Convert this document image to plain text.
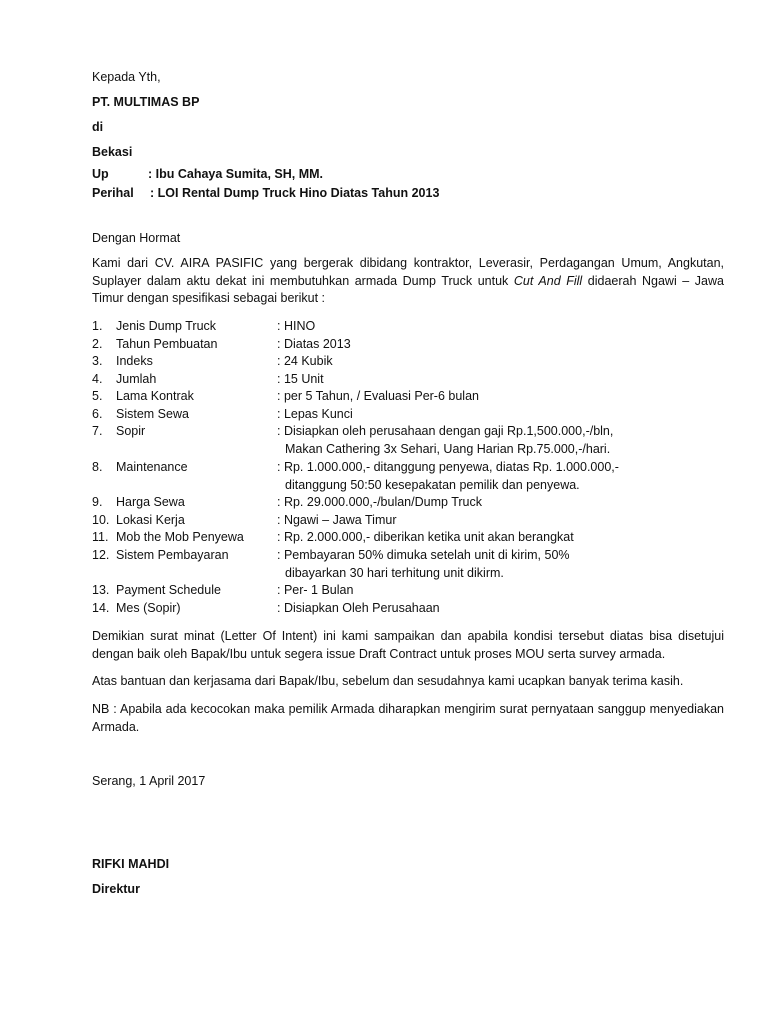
Kepada Yth,
PT. MULTIMAS BP
di
Bekasi
Up	: Ibu Cahaya Sumita, SH, MM.
Perihal : LOI Rental Dump Truck Hino Diatas Tahun 2013
Dengan Hormat
Kami dari CV. AIRA PASIFIC yang bergerak dibidang kontraktor, Leverasir, Perdagangan Umum, Angkutan, Suplayer dalam aktu dekat ini membutuhkan armada Dump Truck untuk Cut And Fill didaerah Ngawi – Jawa Timur dengan spesifikasi sebagai berikut :
1. Jenis Dump Truck	: HINO
2. Tahun Pembuatan	: Diatas 2013
3. Indeks	: 24 Kubik
4. Jumlah	: 15 Unit
5. Lama Kontrak	: per 5 Tahun, / Evaluasi Per-6 bulan
6. Sistem Sewa	: Lepas Kunci
7. Sopir	: Disiapkan oleh perusahaan dengan gaji Rp.1,500.000,-/bln,
Makan Cathering 3x Sehari, Uang Harian Rp.75.000,-/hari.
8. Maintenance	: Rp. 1.000.000,- ditanggung penyewa, diatas Rp. 1.000.000,-
ditanggung 50:50 kesepakatan pemilik dan penyewa.
9. Harga Sewa	: Rp. 29.000.000,-/bulan/Dump Truck
10. Lokasi Kerja	: Ngawi – Jawa Timur
11. Mob the Mob Penyewa	: Rp. 2.000.000,- diberikan ketika unit akan berangkat
12. Sistem Pembayaran	: Pembayaran 50% dimuka setelah unit di kirim, 50%
dibayarkan 30 hari terhitung unit dikirm.
13. Payment Schedule	: Per- 1 Bulan
14. Mes (Sopir)	: Disiapkan Oleh Perusahaan
Demikian surat minat (Letter Of Intent) ini kami sampaikan dan apabila kondisi tersebut diatas bisa disetujui dengan baik oleh Bapak/Ibu untuk segera issue Draft Contract untuk proses MOU serta survey armada.
Atas bantuan dan kerjasama dari Bapak/Ibu, sebelum dan sesudahnya kami ucapkan banyak terima kasih.
NB : Apabila ada kecocokan maka pemilik Armada diharapkan mengirim surat pernyataan sanggup menyediakan Armada.
Serang, 1 April 2017
RIFKI MAHDI
Direktur
